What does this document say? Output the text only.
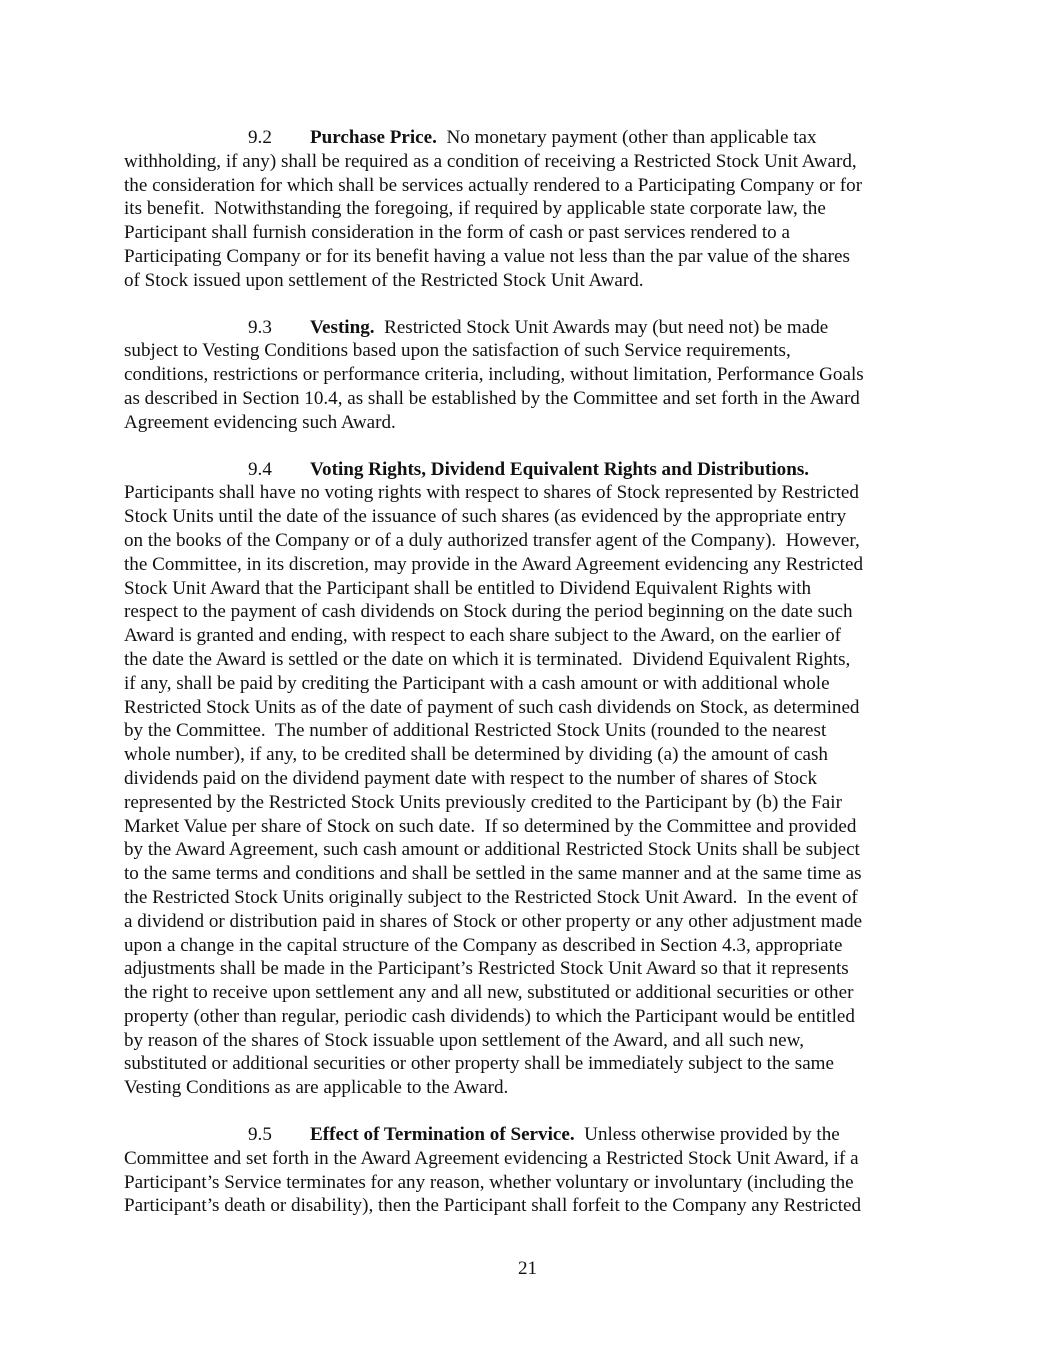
9.2 Purchase Price. No monetary payment (other than applicable tax
withholding, if any) shall be required as a condition of receiving a Restricted Stock Unit Award,
the consideration for which shall be services actually rendered to a Participating Company or for
its benefit.  Notwithstanding the foregoing, if required by applicable state corporate law, the
Participant shall furnish consideration in the form of cash or past services rendered to a
Participating Company or for its benefit having a value not less than the par value of the shares
of Stock issued upon settlement of the Restricted Stock Unit Award.
9.3 Vesting. Restricted Stock Unit Awards may (but need not) be made
subject to Vesting Conditions based upon the satisfaction of such Service requirements,
conditions, restrictions or performance criteria, including, without limitation, Performance Goals
as described in Section 10.4, as shall be established by the Committee and set forth in the Award
Agreement evidencing such Award.
9.4 Voting Rights, Dividend Equivalent Rights and Distributions.
Participants shall have no voting rights with respect to shares of Stock represented by Restricted
Stock Units until the date of the issuance of such shares (as evidenced by the appropriate entry
on the books of the Company or of a duly authorized transfer agent of the Company).  However,
the Committee, in its discretion, may provide in the Award Agreement evidencing any Restricted
Stock Unit Award that the Participant shall be entitled to Dividend Equivalent Rights with
respect to the payment of cash dividends on Stock during the period beginning on the date such
Award is granted and ending, with respect to each share subject to the Award, on the earlier of
the date the Award is settled or the date on which it is terminated.  Dividend Equivalent Rights,
if any, shall be paid by crediting the Participant with a cash amount or with additional whole
Restricted Stock Units as of the date of payment of such cash dividends on Stock, as determined
by the Committee.  The number of additional Restricted Stock Units (rounded to the nearest
whole number), if any, to be credited shall be determined by dividing (a) the amount of cash
dividends paid on the dividend payment date with respect to the number of shares of Stock
represented by the Restricted Stock Units previously credited to the Participant by (b) the Fair
Market Value per share of Stock on such date.  If so determined by the Committee and provided
by the Award Agreement, such cash amount or additional Restricted Stock Units shall be subject
to the same terms and conditions and shall be settled in the same manner and at the same time as
the Restricted Stock Units originally subject to the Restricted Stock Unit Award.  In the event of
a dividend or distribution paid in shares of Stock or other property or any other adjustment made
upon a change in the capital structure of the Company as described in Section 4.3, appropriate
adjustments shall be made in the Participant’s Restricted Stock Unit Award so that it represents
the right to receive upon settlement any and all new, substituted or additional securities or other
property (other than regular, periodic cash dividends) to which the Participant would be entitled
by reason of the shares of Stock issuable upon settlement of the Award, and all such new,
substituted or additional securities or other property shall be immediately subject to the same
Vesting Conditions as are applicable to the Award.
9.5 Effect of Termination of Service. Unless otherwise provided by the
Committee and set forth in the Award Agreement evidencing a Restricted Stock Unit Award, if a
Participant’s Service terminates for any reason, whether voluntary or involuntary (including the
Participant’s death or disability), then the Participant shall forfeit to the Company any Restricted
21
